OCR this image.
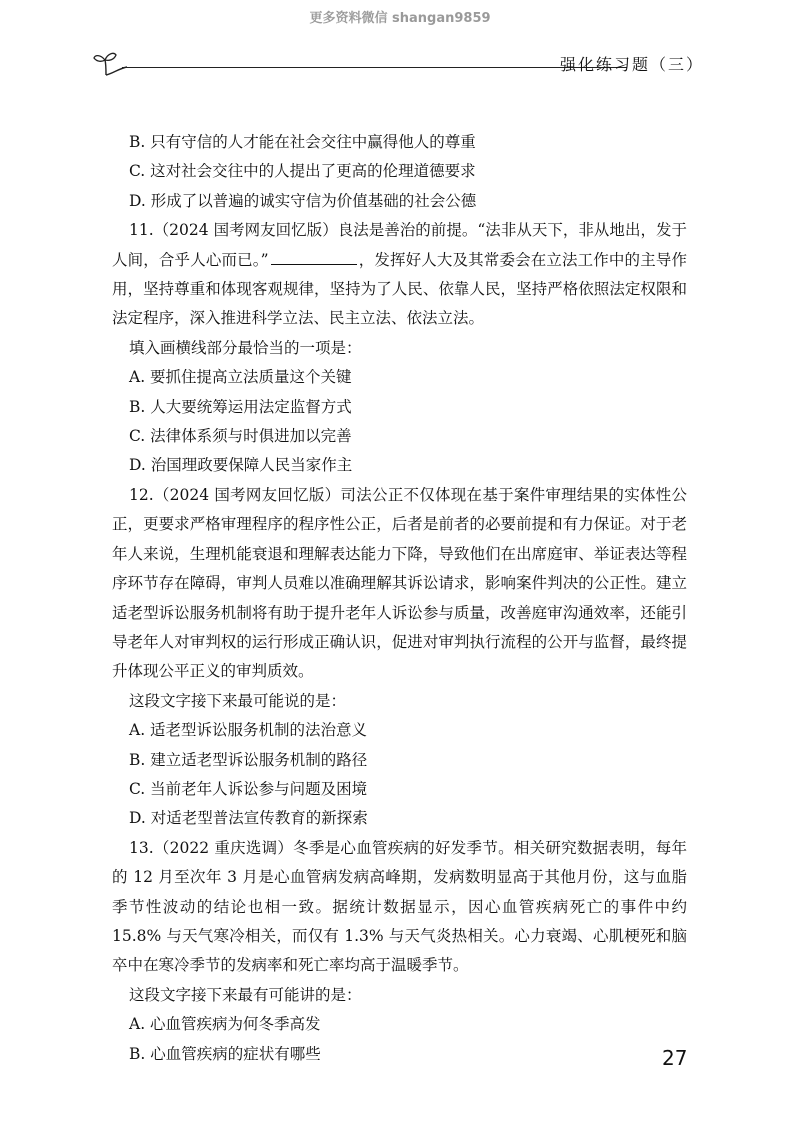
更多资料微信 shangan9859
强化练习题（三）

B. 只有守信的人才能在社会交往中赢得他人的尊重

C. 这对社会交往中的人提出了更高的伦理道德要求

D. 形成了以普遍的诚实守信为价值基础的社会公德

11.（2024 国考网友回忆版）良法是善治的前提。“法非从天下，非从地出，发于人间，合乎人心而已。”	，发挥好人大及其常委会在立法工作中的主导作用，坚持尊重和体现客观规律，坚持为了人民、依靠人民，坚持严格依照法定权限和法定程序，深入推进科学立法、民主立法、依法立法。

填入画横线部分最恰当的一项是：

A. 要抓住提高立法质量这个关键

B. 人大要统筹运用法定监督方式

C. 法律体系须与时俱进加以完善

D. 治国理政要保障人民当家作主

12.（2024 国考网友回忆版）司法公正不仅体现在基于案件审理结果的实体性公正，更要求严格审理程序的程序性公正，后者是前者的必要前提和有力保证。对于老年人来说，生理机能衰退和理解表达能力下降，导致他们在出席庭审、举证表达等程序环节存在障碍，审判人员难以准确理解其诉讼请求，影响案件判决的公正性。建立适老型诉讼服务机制将有助于提升老年人诉讼参与质量，改善庭审沟通效率，还能引导老年人对审判权的运行形成正确认识，促进对审判执行流程的公开与监督，最终提升体现公平正义的审判质效。

这段文字接下来最可能说的是：

A. 适老型诉讼服务机制的法治意义

B. 建立适老型诉讼服务机制的路径

C. 当前老年人诉讼参与问题及困境

D. 对适老型普法宣传教育的新探索

13.（2022 重庆选调）冬季是心血管疾病的好发季节。相关研究数据表明，每年的 12 月至次年 3 月是心血管病发病高峰期，发病数明显高于其他月份，这与血脂季节性波动的结论也相一致。据统计数据显示，因心血管疾病死亡的事件中约 15.8% 与天气寒冷相关，而仅有 1.3% 与天气炎热相关。心力衰竭、心肌梗死和脑卒中在寒冷季节的发病率和死亡率均高于温暖季节。

这段文字接下来最有可能讲的是：

A. 心血管疾病为何冬季高发

B. 心血管疾病的症状有哪些	27
